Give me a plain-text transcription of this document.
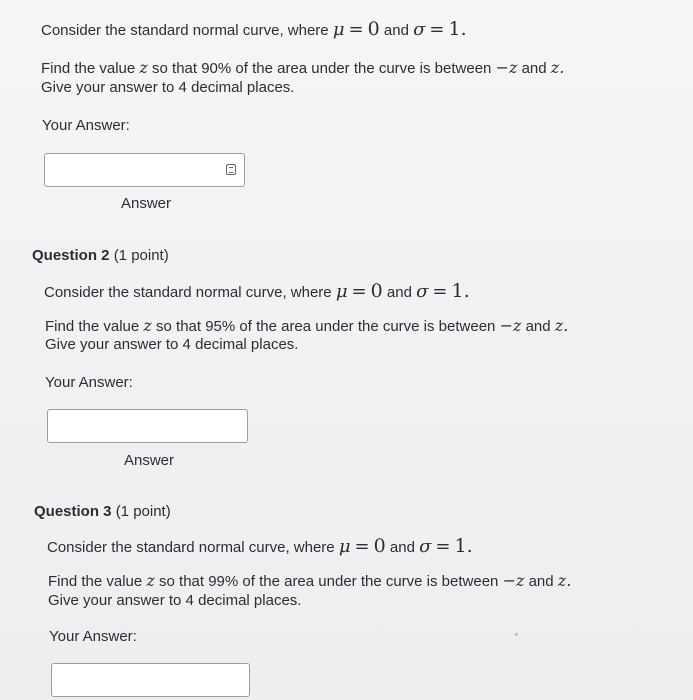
Consider the standard normal curve, where μ = 0 and σ = 1.
Find the value z so that 90% of the area under the curve is between −z and z.
Give your answer to 4 decimal places.
Your Answer:
Answer
Question 2 (1 point)
Consider the standard normal curve, where μ = 0 and σ = 1.
Find the value z so that 95% of the area under the curve is between −z and z.
Give your answer to 4 decimal places.
Your Answer:
Answer
Question 3 (1 point)
Consider the standard normal curve, where μ = 0 and σ = 1.
Find the value z so that 99% of the area under the curve is between −z and z.
Give your answer to 4 decimal places.
Your Answer:
